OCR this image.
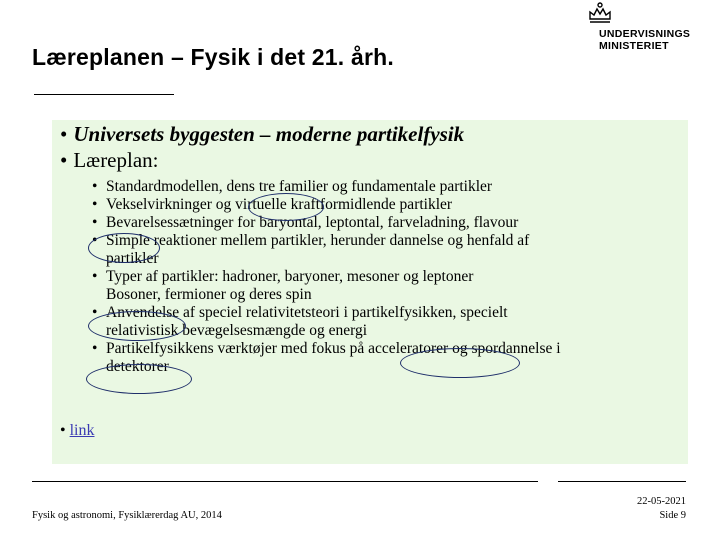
Læreplanen – Fysik i det 21. årh.
UNDERVISNINGS
MINISTERIET
• Universets byggesten – moderne partikelfysik
• Læreplan:
• Standardmodellen, dens tre familier og fundamentale partikler
• Vekselvirkninger og virtuelle kraftformidlende partikler
• Bevarelsessætninger for baryontal, leptontal, farveladning, flavour
• Simple reaktioner mellem partikler, herunder dannelse og henfald af
partikler
• Typer af partikler: hadroner, baryoner, mesoner og leptoner
Bosoner, fermioner og deres spin
• Anvendelse af speciel relativitetsteori i partikelfysikken, specielt
relativistisk bevægelsesmængde og energi
• Partikelfysikkens værktøjer med fokus på acceleratorer og spordannelse i
detektorer
• link
Fysik og astronomi, Fysiklærerdag AU, 2014
22-05-2021
Side 9
